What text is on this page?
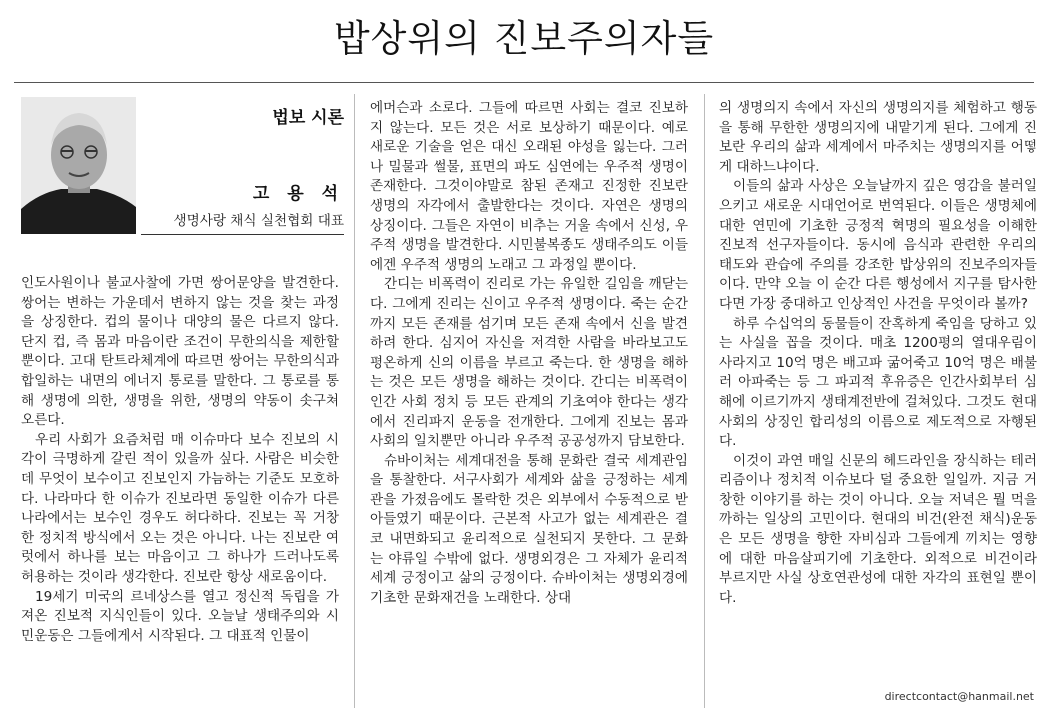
밥상위의 진보주의자들
법보 시론
고 용 석
생명사랑 채식 실천협회 대표

인도사원이나 불교사찰에 가면 쌍어문양을 발견한다. 쌍어는 변하는 가운데서 변하지 않는 것을 찾는 과정을 상징한다. 컵의 물이나 대양의 물은 다르지 않다. 단지 컵, 즉 몸과 마음이란 조건이 무한의식을 제한할 뿐이다. 고대 탄트라체계에 따르면 쌍어는 무한의식과 합일하는 내면의 에너지 통로를 말한다. 그 통로를 통해 생명에 의한, 생명을 위한, 생명의 약동이 솟구쳐 오른다.

우리 사회가 요즘처럼 매 이슈마다 보수 진보의 시각이 극명하게 갈린 적이 있을까 싶다. 사람은 비슷한데 무엇이 보수이고 진보인지 가늠하는 기준도 모호하다. 나라마다 한 이슈가 진보라면 동일한 이슈가 다른 나라에서는 보수인 경우도 허다하다. 진보는 꼭 거창한 정치적 방식에서 오는 것은 아니다. 나는 진보란 여럿에서 하나를 보는 마음이고 그 하나가 드러나도록 허용하는 것이라 생각한다. 진보란 항상 새로움이다.

19세기 미국의 르네상스를 열고 정신적 독립을 가져온 진보적 지식인들이 있다. 오늘날 생태주의와 시민운동은 그들에게서 시작된다. 그 대표적 인물이

에머슨과 소로다. 그들에 따르면 사회는 결코 진보하지 않는다. 모든 것은 서로 보상하기 때문이다. 예로 새로운 기술을 얻은 대신 오래된 야성을 잃는다. 그러나 밀물과 썰물, 표면의 파도 심연에는 우주적 생명이 존재한다. 그것이야말로 참된 존재고 진정한 진보란 생명의 자각에서 출발한다는 것이다. 자연은 생명의 상징이다. 그들은 자연이 비추는 거울 속에서 신성, 우주적 생명을 발견한다. 시민불복종도 생태주의도 이들에겐 우주적 생명의 노래고 그 과정일 뿐이다.

간디는 비폭력이 진리로 가는 유일한 길임을 깨닫는다. 그에게 진리는 신이고 우주적 생명이다. 죽는 순간까지 모든 존재를 섬기며 모든 존재 속에서 신을 발견하려 한다. 심지어 자신을 저격한 사람을 바라보고도 평온하게 신의 이름을 부르고 죽는다. 한 생명을 해하는 것은 모든 생명을 해하는 것이다. 간디는 비폭력이 인간 사회 정치 등 모든 관계의 기초여야 한다는 생각에서 진리파지 운동을 전개한다. 그에게 진보는 몸과 사회의 일치뿐만 아니라 우주적 공공성까지 담보한다.

슈바이처는 세계대전을 통해 문화란 결국 세계관임을 통찰한다. 서구사회가 세계와 삶을 긍정하는 세계관을 가졌음에도 몰락한 것은 외부에서 수동적으로 받아들였기 때문이다. 근본적 사고가 없는 세계관은 결코 내면화되고 윤리적으로 실천되지 못한다. 그 문화는 야류일 수밖에 없다. 생명외경은 그 자체가 윤리적 세계 긍정이고 삶의 긍정이다. 슈바이처는 생명외경에 기초한 문화재건을 노래한다. 상대

의 생명의지 속에서 자신의 생명의지를 체험하고 행동을 통해 무한한 생명의지에 내맡기게 된다. 그에게 진보란 우리의 삶과 세계에서 마주치는 생명의지를 어떻게 대하느냐이다.

이들의 삶과 사상은 오늘날까지 깊은 영감을 불러일으키고 새로운 시대언어로 번역된다. 이들은 생명체에 대한 연민에 기초한 긍정적 혁명의 필요성을 이해한 진보적 선구자들이다. 동시에 음식과 관련한 우리의 태도와 관습에 주의를 강조한 밥상위의 진보주의자들이다. 만약 오늘 이 순간 다른 행성에서 지구를 탐사한다면 가장 중대하고 인상적인 사건을 무엇이라 볼까?

하루 수십억의 동물들이 잔혹하게 죽임을 당하고 있는 사실을 꼽을 것이다. 매초 1200평의 열대우림이 사라지고 10억 명은 배고파 굶어죽고 10억 명은 배불러 아파죽는 등 그 파괴적 후유증은 인간사회부터 심해에 이르기까지 생태계전반에 걸쳐있다. 그것도 현대사회의 상징인 합리성의 이름으로 제도적으로 자행된다.

이것이 과연 매일 신문의 헤드라인을 장식하는 테러리즘이나 정치적 이슈보다 덜 중요한 일일까. 지금 거창한 이야기를 하는 것이 아니다. 오늘 저녁은 뭘 먹을까하는 일상의 고민이다. 현대의 비건(완전 채식)운동은 모든 생명을 향한 자비심과 그들에게 끼치는 영향에 대한 마음살피기에 기초한다. 외적으로 비건이라 부르지만 사실 상호연관성에 대한 자각의 표현일 뿐이다.

directcontact@hanmail.net
